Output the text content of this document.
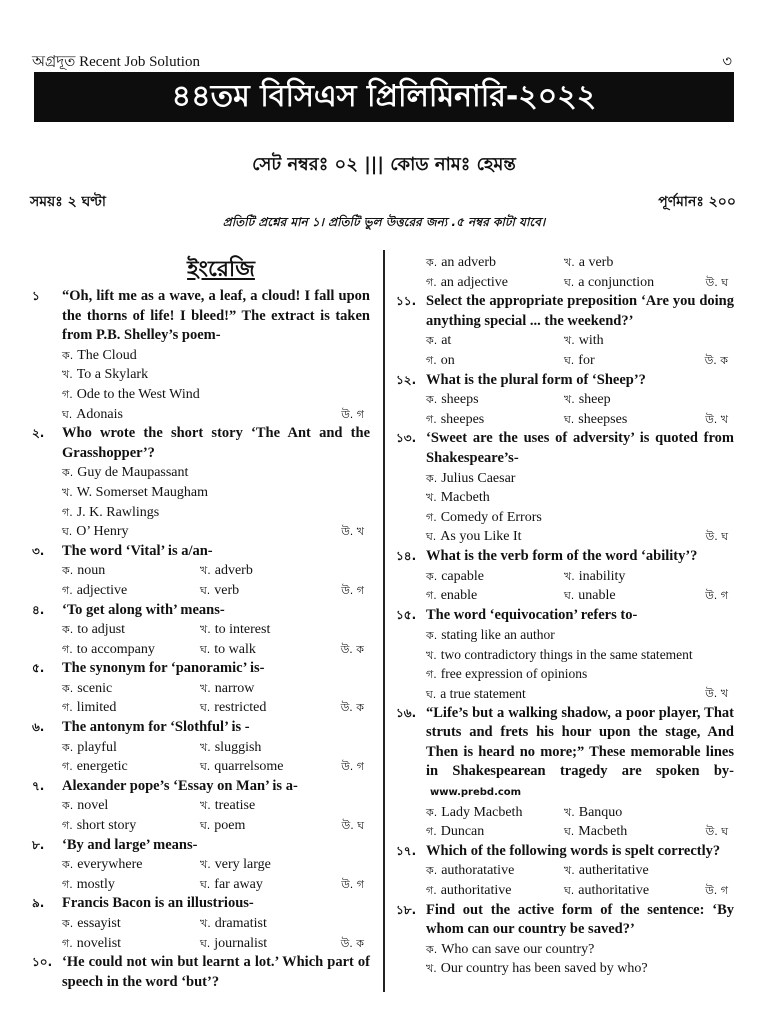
অগ্রদূত Recent Job Solution	৩
৪৪তম বিসিএস প্রিলিমিনারি-২০২২
সেট নম্বরঃ ০২ ||| কোড নামঃ হেমন্ত
সময়ঃ ২ ঘণ্টা	পূর্ণমানঃ ২০০
প্রতিটি প্রশ্নের মান ১। প্রতিটি ভুল উত্তরের জন্য .৫ নম্বর কাটা যাবে।
ইংরেজি
১	“Oh, lift me as a wave, a leaf, a cloud! I fall upon the thorns of life! I bleed!” The extract is taken from P.B. Shelley’s poem-
ক. The Cloud
খ. To a Skylark
গ. Ode to the West Wind
ঘ. Adonais	উ. গ
২.	Who wrote the short story ‘The Ant and the Grasshopper’?
ক. Guy de Maupassant
খ. W. Somerset Maugham
গ. J. K. Rawlings
ঘ. O’ Henry	উ. খ
৩.	The word ‘Vital’ is a/an-
ক. noun	খ. adverb
গ. adjective	ঘ. verb	উ. গ
৪.	‘To get along with’ means-
ক. to adjust	খ. to interest
গ. to accompany	ঘ. to walk	উ. ক
৫.	The synonym for ‘panoramic’ is-
ক. scenic	খ. narrow
গ. limited	ঘ. restricted	উ. ক
৬.	The antonym for ‘Slothful’ is -
ক. playful	খ. sluggish
গ. energetic	ঘ. quarrelsome	উ. গ
৭.	Alexander pope’s ‘Essay on Man’ is a-
ক. novel	খ. treatise
গ. short story	ঘ. poem	উ. ঘ
৮.	‘By and large’ means-
ক. everywhere	খ. very large
গ. mostly	ঘ. far away	উ. গ
৯.	Francis Bacon is an illustrious-
ক. essayist	খ. dramatist
গ. novelist	ঘ. journalist	উ. ক
১০. ‘He could not win but learnt a lot.’ Which part of speech in the word ‘but’?
ক. an adverb	খ. a verb
গ. an adjective	ঘ. a conjunction	উ. ঘ
১১. Select the appropriate preposition ‘Are you doing anything special ... the weekend?’
ক. at	খ. with
গ. on	ঘ. for	উ. ক
১২. What is the plural form of ‘Sheep’?
ক. sheeps	খ. sheep
গ. sheepes	ঘ. sheepses	উ. খ
১৩. ‘Sweet are the uses of adversity’ is quoted from Shakespeare’s-
ক. Julius Caesar
খ. Macbeth
গ. Comedy of Errors
ঘ. As you Like It	উ. ঘ
১৪. What is the verb form of the word ‘ability’?
ক. capable	খ. inability
গ. enable	ঘ. unable	উ. গ
১৫. The word ‘equivocation’ refers to-
ক. stating like an author
খ. two contradictory things in the same statement
গ. free expression of opinions
ঘ. a true statement	উ. খ
১৬. “Life’s but a walking shadow, a poor player, That struts and frets his hour upon the stage, And Then is heard no more;” These memorable lines in Shakespearean tragedy are spoken by-www.prebd.com
ক. Lady Macbeth	খ. Banquo
গ. Duncan	ঘ. Macbeth	উ. ঘ
১৭. Which of the following words is spelt correctly?
ক. authoratative	খ. autheritative
গ. authoritative	ঘ. authoritative	উ. গ
১৮. Find out the active form of the sentence: ‘By whom can our country be saved?’
ক. Who can save our country?
খ. Our country has been saved by who?
